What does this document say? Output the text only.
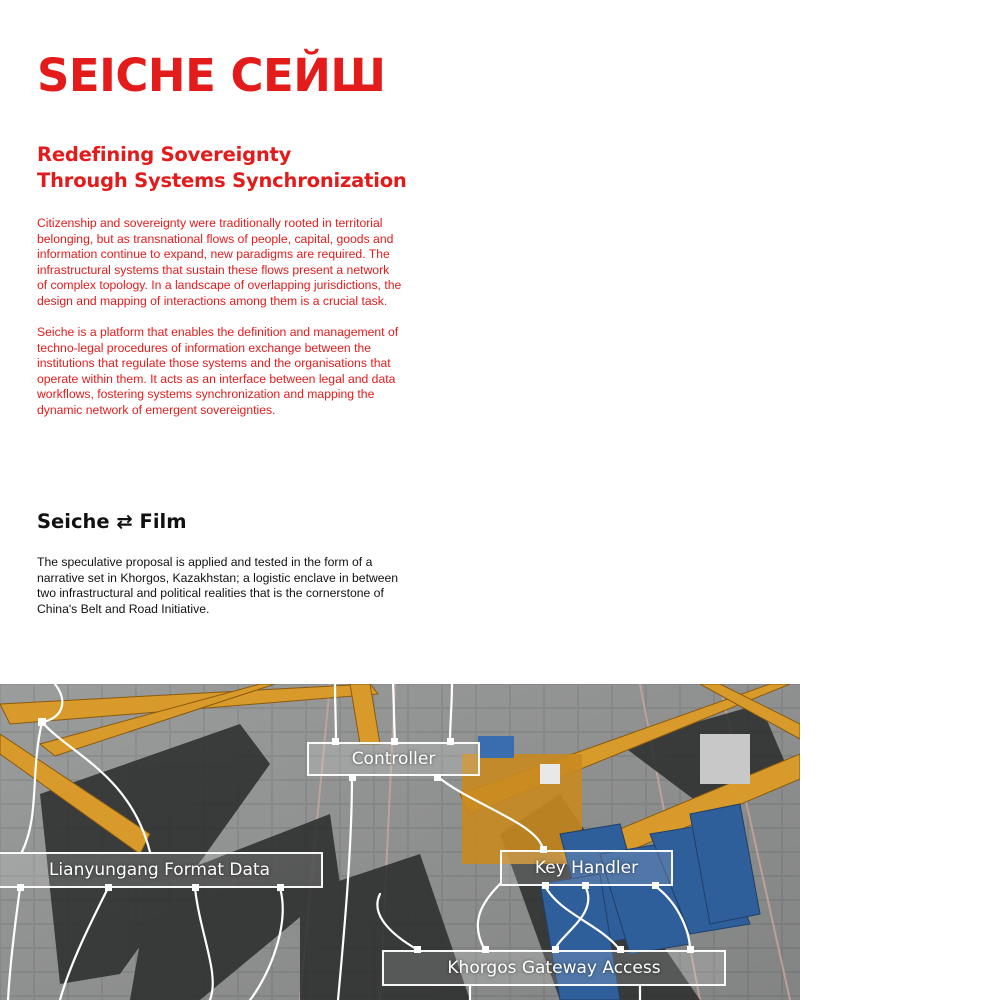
SEICHE СЕЙШ
Redefining Sovereignty
Through Systems Synchronization

Citizenship and sovereignty were traditionally rooted in territorial belonging, but as transnational flows of people, capital, goods and information continue to expand, new paradigms are required. The infrastructural systems that sustain these flows present a network of complex topology. In a landscape of overlapping jurisdictions, the design and mapping of interactions among them is a crucial task.

Seiche is a platform that enables the definition and management of techno-legal procedures of information exchange between the institutions that regulate those systems and the organisations that operate within them. It acts as an interface between legal and data workflows, fostering systems synchronization and mapping the dynamic network of emergent sovereignties.

Seiche ⇄ Film

The speculative proposal is applied and tested in the form of a narrative set in Khorgos, Kazakhstan; a logistic enclave in between two infrastructural and political realities that is the cornerstone of China's Belt and Road Initiative.

Controller
Lianyungang Format Data	Key Handler
Khorgos Gateway Access
